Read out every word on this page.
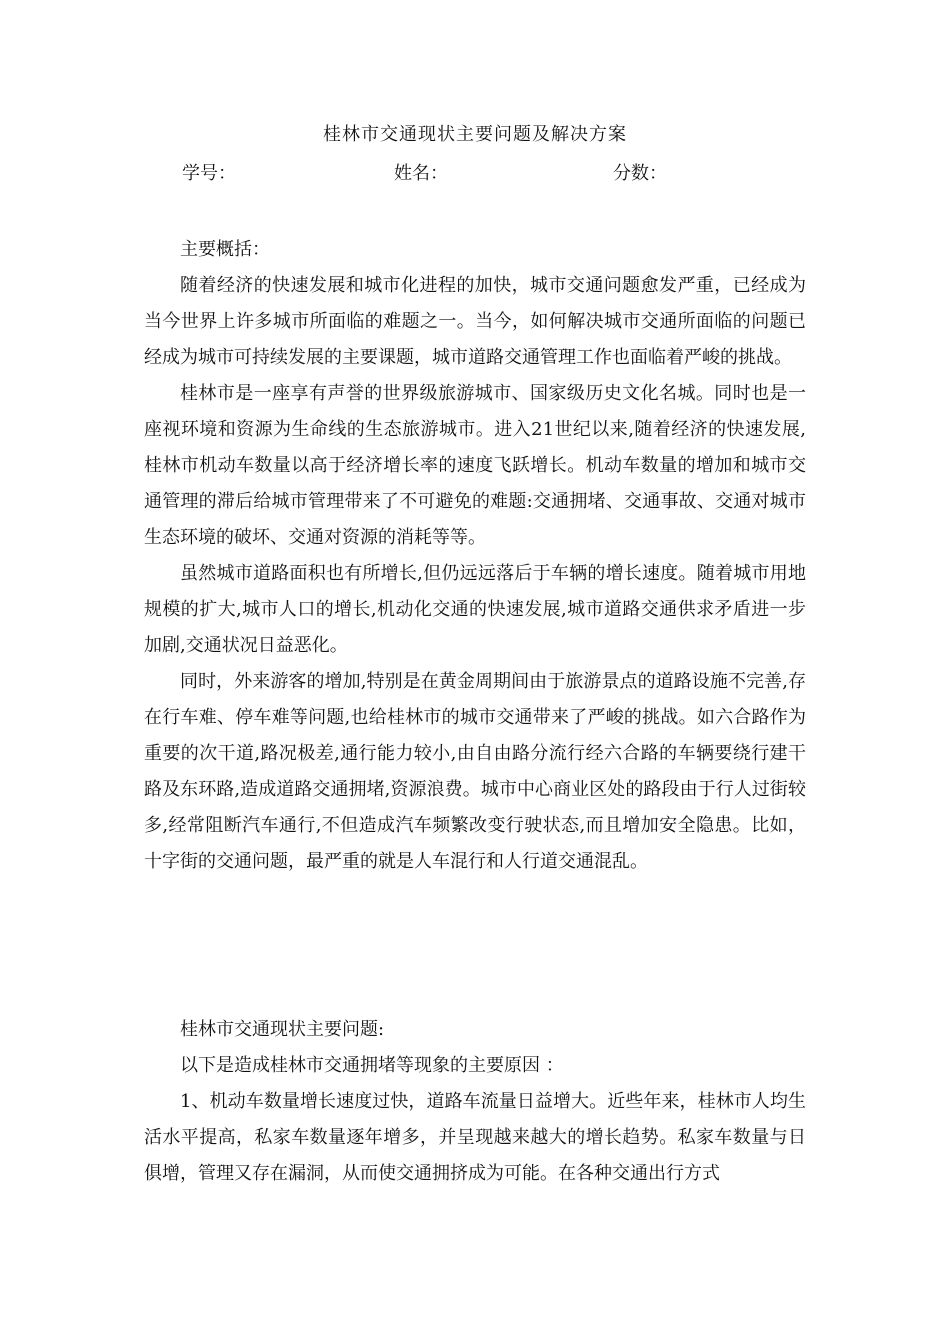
桂林市交通现状主要问题及解决方案
学号：	姓名：	分数：

主要概括：

随着经济的快速发展和城市化进程的加快，城市交通问题愈发严重，已经成为当今世界上许多城市所面临的难题之一。当今，如何解决城市交通所面临的问题已经成为城市可持续发展的主要课题，城市道路交通管理工作也面临着严峻的挑战。

桂林市是一座享有声誉的世界级旅游城市、国家级历史文化名城。同时也是一座视环境和资源为生命线的生态旅游城市。进入21世纪以来,随着经济的快速发展,桂林市机动车数量以高于经济增长率的速度飞跃增长。机动车数量的增加和城市交通管理的滞后给城市管理带来了不可避免的难题:交通拥堵、交通事故、交通对城市生态环境的破坏、交通对资源的消耗等等。

虽然城市道路面积也有所增长,但仍远远落后于车辆的增长速度。随着城市用地规模的扩大,城市人口的增长,机动化交通的快速发展,城市道路交通供求矛盾进一步加剧,交通状况日益恶化。

同时，外来游客的增加,特别是在黄金周期间由于旅游景点的道路设施不完善,存在行车难、停车难等问题,也给桂林市的城市交通带来了严峻的挑战。如六合路作为重要的次干道,路况极差,通行能力较小,由自由路分流行经六合路的车辆要绕行建干路及东环路,造成道路交通拥堵,资源浪费。城市中心商业区处的路段由于行人过街较多,经常阻断汽车通行,不但造成汽车频繁改变行驶状态,而且增加安全隐患。比如，十字街的交通问题，最严重的就是人车混行和人行道交通混乱。

桂林市交通现状主要问题:

以下是造成桂林市交通拥堵等现象的主要原因 ：

1、机动车数量增长速度过快，道路车流量日益增大。近些年来，桂林市人均生活水平提高，私家车数量逐年增多，并呈现越来越大的增长趋势。私家车数量与日俱增，管理又存在漏洞，从而使交通拥挤成为可能。在各种交通出行方式
